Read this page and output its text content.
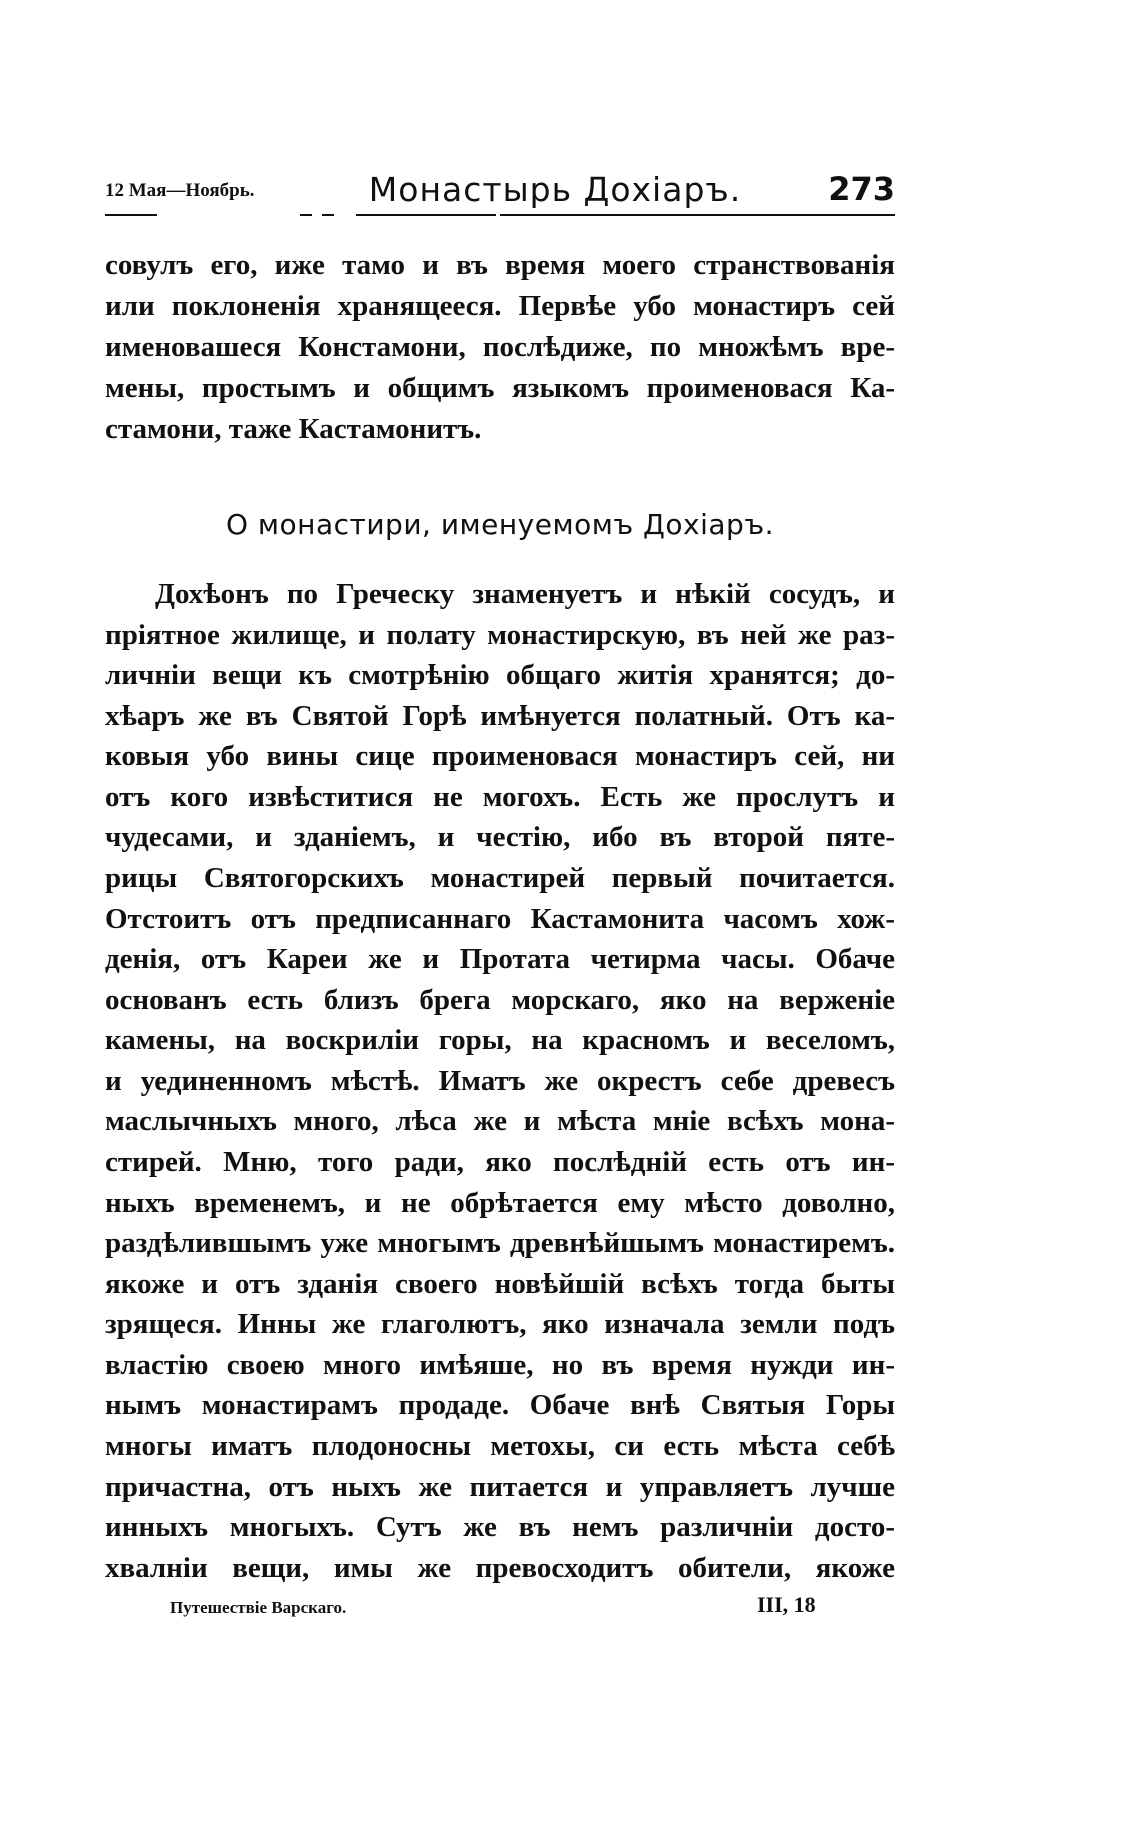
12 Мая—Ноябрь.	Монастырь Дохіаръ.	273
совулъ его, иже тамо и въ время моего странствованія
или поклоненія хранящееся. Первѣе убо монастиръ сей
именовашеся Констамони, послѣдиже, по множѣмъ вре-
мены, простымъ и общимъ языкомъ проименовася Ка-
стамони, таже Кастамонитъ.
О монастири, именуемомъ Дохіаръ.
Дохѣонъ по Греческу знаменуетъ и нѣкій сосудъ, и
пріятное жилище, и полату монастирскую, въ ней же раз-
личніи вещи къ смотрѣнію общаго житія хранятся; до-
хѣаръ же въ Святой Горѣ имѣнуется полатный. Отъ ка-
ковыя убо вины сице проименовася монастиръ сей, ни
отъ кого извѣститися не могохъ. Есть же прослутъ и
чудесами, и зданіемъ, и честію, ибо въ второй пяте-
рицы Святогорскихъ монастирей первый почитается.
Отстоитъ отъ предписаннаго Кастамонита часомъ хож-
денія, отъ Кареи же и Протата четирма часы. Обаче
основанъ есть близъ брега морскаго, яко на верженіе
камены, на воскриліи горы, на красномъ и веселомъ,
и уединенномъ мѣстѣ. Иматъ же окрестъ себе древесъ
маслычныхъ много, лѣса же и мѣста мніе всѣхъ мона-
стирей. Мню, того ради, яко послѣдній есть отъ ин-
ныхъ временемъ, и не обрѣтается ему мѣсто доволно,
раздѣлившымъ уже многымъ древнѣйшымъ монастиремъ.
якоже и отъ зданія своего новѣйшій всѣхъ тогда быты
зрящеся. Инны же глаголютъ, яко изначала земли подъ
властію своею много имѣяше, но въ время нужди ин-
нымъ монастирамъ продаде. Обаче внѣ Святыя Горы
многы иматъ плодоносны метохы, си есть мѣста себѣ
причастна, отъ ныхъ же питается и управляетъ лучше
инныхъ многыхъ. Сутъ же въ немъ различніи досто-
хвалніи вещи, имы же превосходитъ обители, якоже
Путешествіе Варскаго.	III, 18
